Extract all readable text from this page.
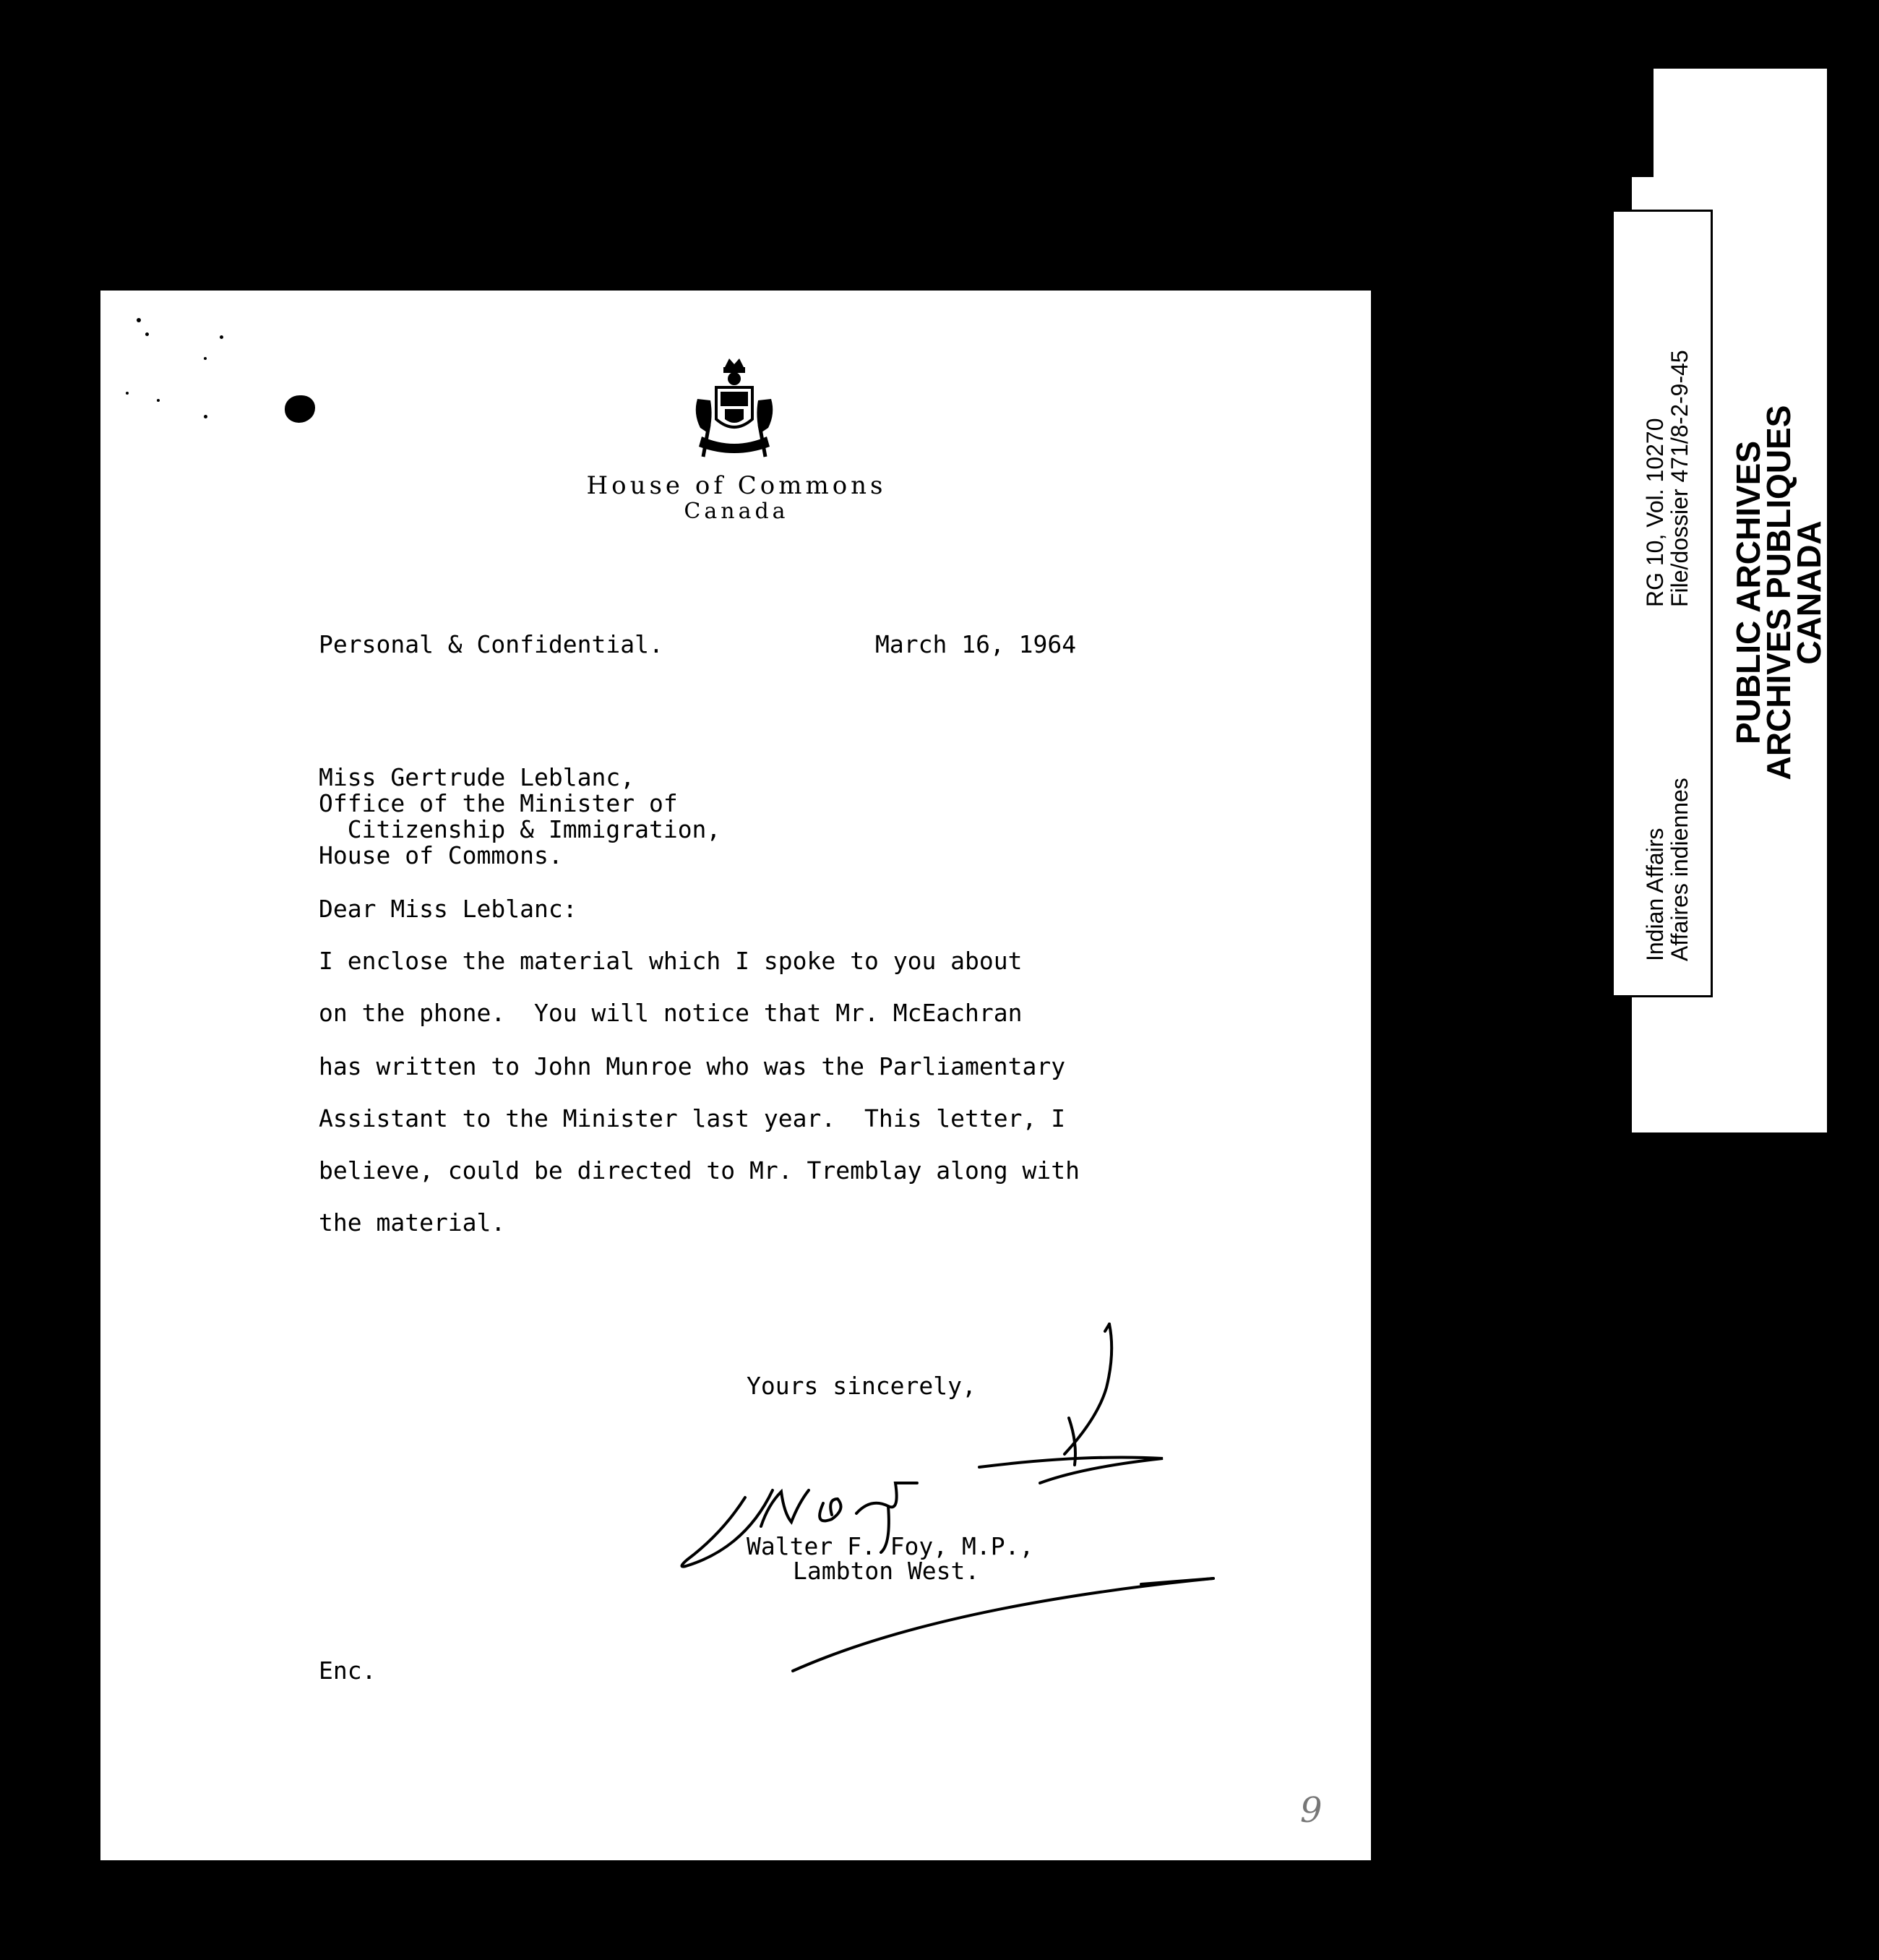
House of Commons
Canada
Personal & Confidential.	March 16, 1964
Miss Gertrude Leblanc,
Office of the Minister of
Citizenship & Immigration,
House of Commons.
Dear Miss Leblanc:
I enclose the material which I spoke to you about
on the phone.  You will notice that Mr. McEachran
has written to John Munroe who was the Parliamentary
Assistant to the Minister last year.  This letter, I
believe, could be directed to Mr. Tremblay along with
the material.
Yours sincerely,
Walter F. Foy, M.P.,
Lambton West.
Enc.
9
Indian Affairs
Affaires indiennes
RG 10, Vol. 10270
File/dossier 471/8-2-9-45 PUBLIC ARCHIVES
ARCHIVES PUBLIQUES
CANADA
